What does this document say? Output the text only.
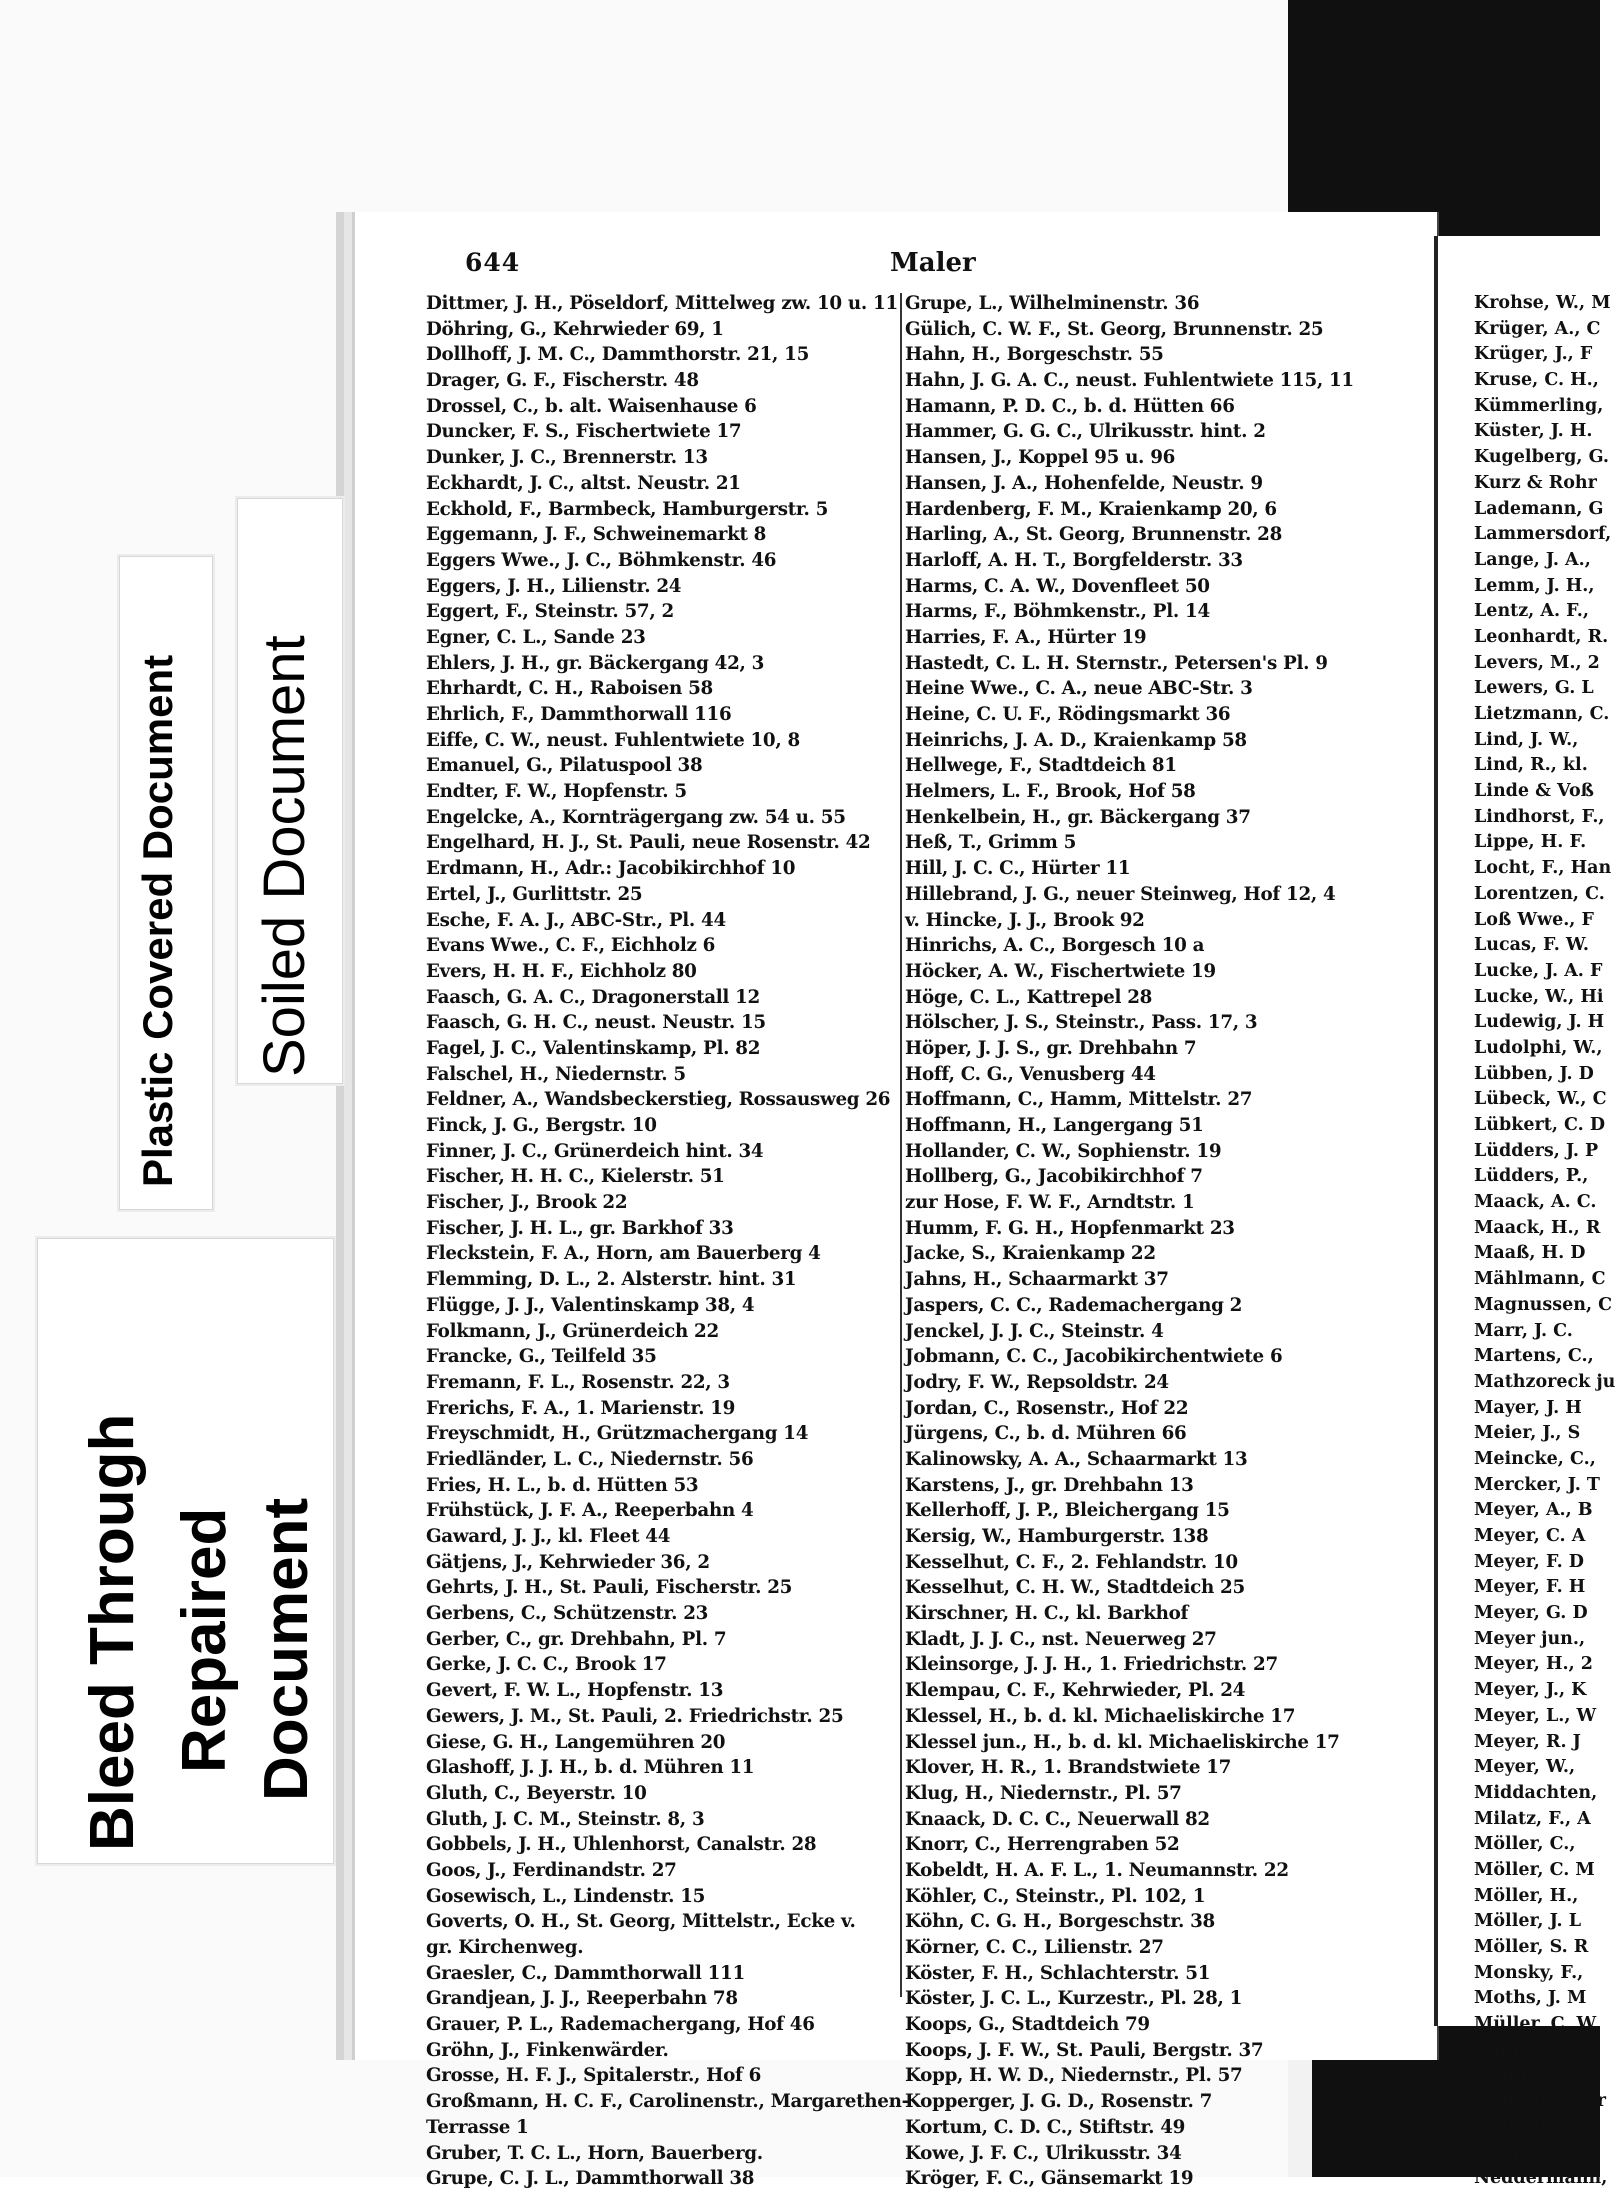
644	Maler
Dittmer, J. H., Pöseldorf, Mittelweg zw. 10 u. 11
Döhring, G., Kehrwieder 69, 1
Dollhoff, J. M. C., Dammthorstr. 21, 15
Drager, G. F., Fischerstr. 48
Drossel, C., b. alt. Waisenhause 6
Duncker, F. S., Fischertwiete 17
Dunker, J. C., Brennerstr. 13
Eckhardt, J. C., altst. Neustr. 21
Eckhold, F., Barmbeck, Hamburgerstr. 5
Eggemann, J. F., Schweinemarkt 8
Eggers Wwe., J. C., Böhmkenstr. 46
Eggers, J. H., Lilienstr. 24
Eggert, F., Steinstr. 57, 2
Egner, C. L., Sande 23
Ehlers, J. H., gr. Bäckergang 42, 3
Ehrhardt, C. H., Raboisen 58
Ehrlich, F., Dammthorwall 116
Eiffe, C. W., neust. Fuhlentwiete 10, 8
Emanuel, G., Pilatuspool 38
Endter, F. W., Hopfenstr. 5
Engelcke, A., Kornträgergang zw. 54 u. 55
Engelhard, H. J., St. Pauli, neue Rosenstr. 42
Erdmann, H., Adr.: Jacobikirchhof 10
Ertel, J., Gurlittstr. 25
Esche, F. A. J., ABC-Str., Pl. 44
Evans Wwe., C. F., Eichholz 6
Evers, H. H. F., Eichholz 80
Faasch, G. A. C., Dragonerstall 12
Faasch, G. H. C., neust. Neustr. 15
Fagel, J. C., Valentinskamp, Pl. 82
Falschel, H., Niedernstr. 5
Feldner, A., Wandsbeckerstieg, Rossausweg 26
Finck, J. G., Bergstr. 10
Finner, J. C., Grünerdeich hint. 34
Fischer, H. H. C., Kielerstr. 51
Fischer, J., Brook 22
Fischer, J. H. L., gr. Barkhof 33
Fleckstein, F. A., Horn, am Bauerberg 4
Flemming, D. L., 2. Alsterstr. hint. 31
Flügge, J. J., Valentinskamp 38, 4
Folkmann, J., Grünerdeich 22
Francke, G., Teilfeld 35
Fremann, F. L., Rosenstr. 22, 3
Frerichs, F. A., 1. Marienstr. 19
Freyschmidt, H., Grützmachergang 14
Friedländer, L. C., Niedernstr. 56
Fries, H. L., b. d. Hütten 53
Frühstück, J. F. A., Reeperbahn 4
Gaward, J. J., kl. Fleet 44
Gätjens, J., Kehrwieder 36, 2
Gehrts, J. H., St. Pauli, Fischerstr. 25
Gerbens, C., Schützenstr. 23
Gerber, C., gr. Drehbahn, Pl. 7
Gerke, J. C. C., Brook 17
Gevert, F. W. L., Hopfenstr. 13
Gewers, J. M., St. Pauli, 2. Friedrichstr. 25
Giese, G. H., Langemühren 20
Glashoff, J. J. H., b. d. Mühren 11
Gluth, C., Beyerstr. 10
Gluth, J. C. M., Steinstr. 8, 3
Gobbels, J. H., Uhlenhorst, Canalstr. 28
Goos, J., Ferdinandstr. 27
Gosewisch, L., Lindenstr. 15
Goverts, O. H., St. Georg, Mittelstr., Ecke v.
gr. Kirchenweg.
Graesler, C., Dammthorwall 111
Grandjean, J. J., Reeperbahn 78
Grauer, P. L., Rademachergang, Hof 46
Gröhn, J., Finkenwärder.
Grosse, H. F. J., Spitalerstr., Hof 6
Großmann, H. C. F., Carolinenstr., Margarethen-
Terrasse 1
Gruber, T. C. L., Horn, Bauerberg.
Grupe, C. J. L., Dammthorwall 38
Grupe, L., Wilhelminenstr. 36
Gülich, C. W. F., St. Georg, Brunnenstr. 25
Hahn, H., Borgeschstr. 55
Hahn, J. G. A. C., neust. Fuhlentwiete 115, 11
Hamann, P. D. C., b. d. Hütten 66
Hammer, G. G. C., Ulrikusstr. hint. 2
Hansen, J., Koppel 95 u. 96
Hansen, J. A., Hohenfelde, Neustr. 9
Hardenberg, F. M., Kraienkamp 20, 6
Harling, A., St. Georg, Brunnenstr. 28
Harloff, A. H. T., Borgfelderstr. 33
Harms, C. A. W., Dovenfleet 50
Harms, F., Böhmkenstr., Pl. 14
Harries, F. A., Hürter 19
Hastedt, C. L. H. Sternstr., Petersen's Pl. 9
Heine Wwe., C. A., neue ABC-Str. 3
Heine, C. U. F., Rödingsmarkt 36
Heinrichs, J. A. D., Kraienkamp 58
Hellwege, F., Stadtdeich 81
Helmers, L. F., Brook, Hof 58
Henkelbein, H., gr. Bäckergang 37
Heß, T., Grimm 5
Hill, J. C. C., Hürter 11
Hillebrand, J. G., neuer Steinweg, Hof 12, 4
v. Hincke, J. J., Brook 92
Hinrichs, A. C., Borgesch 10 a
Höcker, A. W., Fischertwiete 19
Höge, C. L., Kattrepel 28
Hölscher, J. S., Steinstr., Pass. 17, 3
Höper, J. J. S., gr. Drehbahn 7
Hoff, C. G., Venusberg 44
Hoffmann, C., Hamm, Mittelstr. 27
Hoffmann, H., Langergang 51
Hollander, C. W., Sophienstr. 19
Hollberg, G., Jacobikirchhof 7
zur Hose, F. W. F., Arndtstr. 1
Humm, F. G. H., Hopfenmarkt 23
Jacke, S., Kraienkamp 22
Jahns, H., Schaarmarkt 37
Jaspers, C. C., Rademachergang 2
Jenckel, J. J. C., Steinstr. 4
Jobmann, C. C., Jacobikirchentwiete 6
Jodry, F. W., Repsoldstr. 24
Jordan, C., Rosenstr., Hof 22
Jürgens, C., b. d. Mühren 66
Kalinowsky, A. A., Schaarmarkt 13
Karstens, J., gr. Drehbahn 13
Kellerhoff, J. P., Bleichergang 15
Kersig, W., Hamburgerstr. 138
Kesselhut, C. F., 2. Fehlandstr. 10
Kesselhut, C. H. W., Stadtdeich 25
Kirschner, H. C., kl. Barkhof
Kladt, J. J. C., nst. Neuerweg 27
Kleinsorge, J. J. H., 1. Friedrichstr. 27
Klempau, C. F., Kehrwieder, Pl. 24
Klessel, H., b. d. kl. Michaeliskirche 17
Klessel jun., H., b. d. kl. Michaeliskirche 17
Klover, H. R., 1. Brandstwiete 17
Klug, H., Niedernstr., Pl. 57
Knaack, D. C. C., Neuerwall 82
Knorr, C., Herrengraben 52
Kobeldt, H. A. F. L., 1. Neumannstr. 22
Köhler, C., Steinstr., Pl. 102, 1
Köhn, C. G. H., Borgeschstr. 38
Körner, C. C., Lilienstr. 27
Köster, F. H., Schlachterstr. 51
Köster, J. C. L., Kurzestr., Pl. 28, 1
Koops, G., Stadtdeich 79
Koops, J. F. W., St. Pauli, Bergstr. 37
Kopp, H. W. D., Niedernstr., Pl. 57
Kopperger, J. G. D., Rosenstr. 7
Kortum, C. D. C., Stiftstr. 49
Kowe, J. F. C., Ulrikusstr. 34
Kröger, F. C., Gänsemarkt 19
Krohse, W., M
Krüger, A., C
Krüger, J., F
Kruse, C. H.,
Kümmerling,
Küster, J. H.
Kugelberg, G.
Kurz & Rohr
Lademann, G
Lammersdorf,
Lange, J. A.,
Lemm, J. H.,
Lentz, A. F.,
Leonhardt, R.
Levers, M., 2
Lewers, G. L
Lietzmann, C.
Lind, J. W.,
Lind, R., kl.
Linde & Voß
Lindhorst, F.,
Lippe, H. F.
Locht, F., Han
Lorentzen, C.
Loß Wwe., F
Lucas, F. W.
Lucke, J. A. F
Lucke, W., Hi
Ludewig, J. H
Ludolphi, W.,
Lübben, J. D
Lübeck, W., C
Lübkert, C. D
Lüdders, J. P
Lüdders, P.,
Maack, A. C.
Maack, H., R
Maaß, H. D
Mählmann, C
Magnussen, C
Marr, J. C.
Martens, C.,
Mathzoreck ju
Mayer, J. H
Meier, J., S
Meincke, C.,
Mercker, J. T
Meyer, A., B
Meyer, C. A
Meyer, F. D
Meyer, F. H
Meyer, G. D
Meyer jun.,
Meyer, H., 2
Meyer, J., K
Meyer, L., W
Meyer, R. J
Meyer, W.,
Middachten,
Milatz, F., A
Möller, C.,
Möller, C. M
Möller, H.,
Möller, J. L
Möller, S. R
Monsky, F.,
Moths, J. M
Müller, C. W
Müller, M. F
Nann, G., 1.
Nauwarck, Fr
Nauwark, F.,
Neander, G.
Neddermann,
Plastic Covered Document Soiled Document
Bleed Through Repaired Document
